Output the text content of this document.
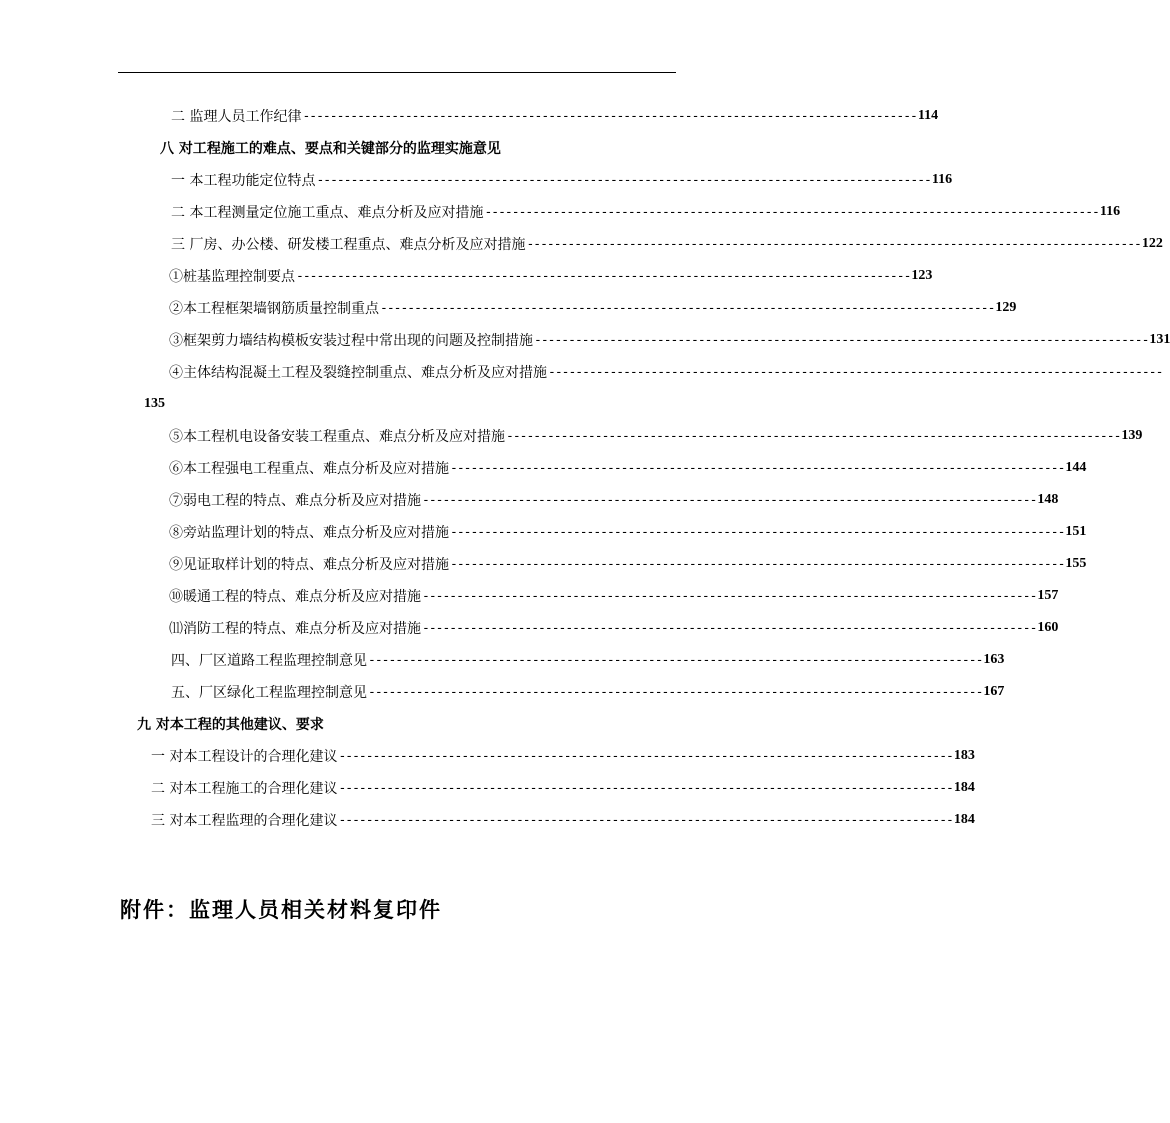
二 监理人员工作纪律 ------------------------------------------------------------------------------------------ 114
八 对工程施工的难点、要点和关键部分的监理实施意见
一 本工程功能定位特点 ------------------------------------------------------------------------------------------ 116
二 本工程测量定位施工重点、难点分析及应对措施 ------------------------------------------------------------------------------------------ 116
三 厂房、办公楼、研发楼工程重点、难点分析及应对措施 ------------------------------------------------------------------------------------------ 122
①桩基监理控制要点 ------------------------------------------------------------------------------------------ 123
②本工程框架墙钢筋质量控制重点 ------------------------------------------------------------------------------------------ 129
③框架剪力墙结构模板安装过程中常出现的问题及控制措施 ------------------------------------------------------------------------------------------ 131
④主体结构混凝土工程及裂缝控制重点、难点分析及应对措施 ------------------------------------------------------------------------------------------
135
⑤本工程机电设备安装工程重点、难点分析及应对措施 ------------------------------------------------------------------------------------------ 139
⑥本工程强电工程重点、难点分析及应对措施 ------------------------------------------------------------------------------------------ 144
⑦弱电工程的特点、难点分析及应对措施 ------------------------------------------------------------------------------------------ 148
⑧旁站监理计划的特点、难点分析及应对措施 ------------------------------------------------------------------------------------------ 151
⑨见证取样计划的特点、难点分析及应对措施 ------------------------------------------------------------------------------------------ 155
⑩暖通工程的特点、难点分析及应对措施 ------------------------------------------------------------------------------------------ 157
⑾消防工程的特点、难点分析及应对措施 ------------------------------------------------------------------------------------------ 160
四、厂区道路工程监理控制意见 ------------------------------------------------------------------------------------------ 163
五、厂区绿化工程监理控制意见 ------------------------------------------------------------------------------------------ 167
九 对本工程的其他建议、要求
一 对本工程设计的合理化建议 ------------------------------------------------------------------------------------------ 183
二 对本工程施工的合理化建议 ------------------------------------------------------------------------------------------ 184
三 对本工程监理的合理化建议 ------------------------------------------------------------------------------------------ 184
附件：监理人员相关材料复印件
